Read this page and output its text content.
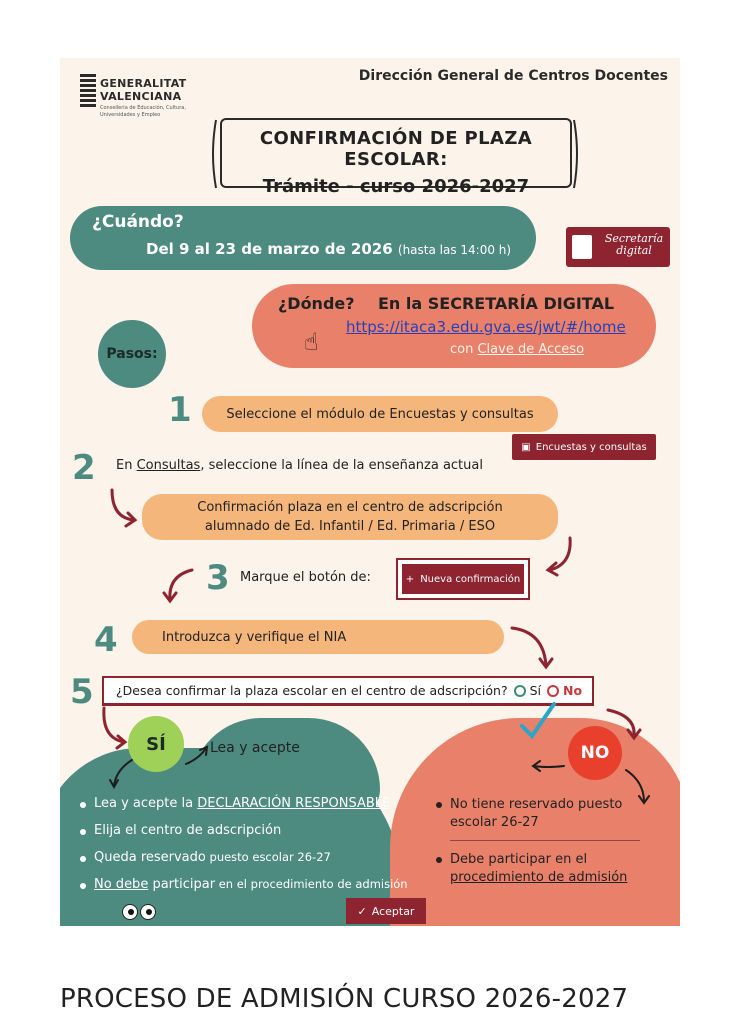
GENERALITAT
VALENCIANA
Conselleria de Educación, Cultura, Universidades y Empleo
Dirección General de Centros Docentes
CONFIRMACIÓN DE PLAZA ESCOLAR:
Trámite - curso 2026-2027
¿Cuándo?
Del 9 al 23 de marzo de 2026 (hasta las 14:00 h)
Secretaría digital
¿Dónde? En la SECRETARÍA DIGITAL
https://itaca3.edu.gva.es/jwt/#/home
☝	con Clave de Acceso
Pasos:
1	Seleccione el módulo de Encuestas y consultas
▣ Encuestas y consultas
2 En Consultas, seleccione la línea de la enseñanza actual
Confirmación plaza en el centro de adscripción
alumnado de Ed. Infantil / Ed. Primaria / ESO
3 Marque el botón de:	+ Nueva confirmación
4	Introduzca y verifique el NIA
5 ¿Desea confirmar la plaza escolar en el centro de adscripción? Sí No
SÍ	Lea y acepte	NO
Lea y acepte la DECLARACIÓN RESPONSABLE
Elija el centro de adscripción
Queda reservado puesto escolar 26-27
No debe participar en el procedimiento de admisión
No tiene reservado puesto escolar 26-27
Debe participar en el
procedimiento de admisión
✓ Aceptar
PROCESO DE ADMISIÓN CURSO 2026-2027
